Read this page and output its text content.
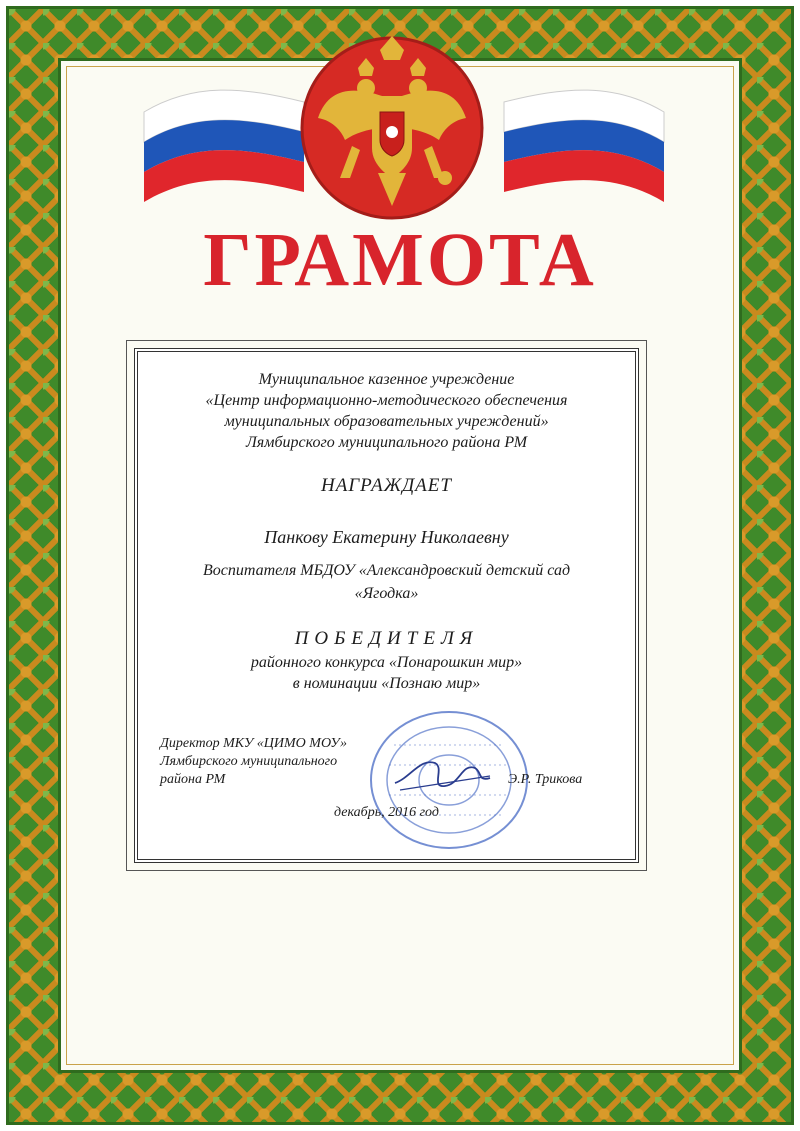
ГРАМОТА
Муниципальное казенное учреждение
«Центр информационно-методического обеспечения
муниципальных образовательных учреждений»
Лямбирского муниципального района РМ
НАГРАЖДАЕТ
Панкову Екатерину Николаевну
Воспитателя МБДОУ «Александровский детский сад
«Ягодка»
ПОБЕДИТЕЛЯ
районного конкурса «Понарошкин мир»
в номинации «Познаю мир»
Директор МКУ «ЦИМО МОУ»
Лямбирского муниципального
района РМ	Э.Р. Трикова
декабрь, 2016 год
